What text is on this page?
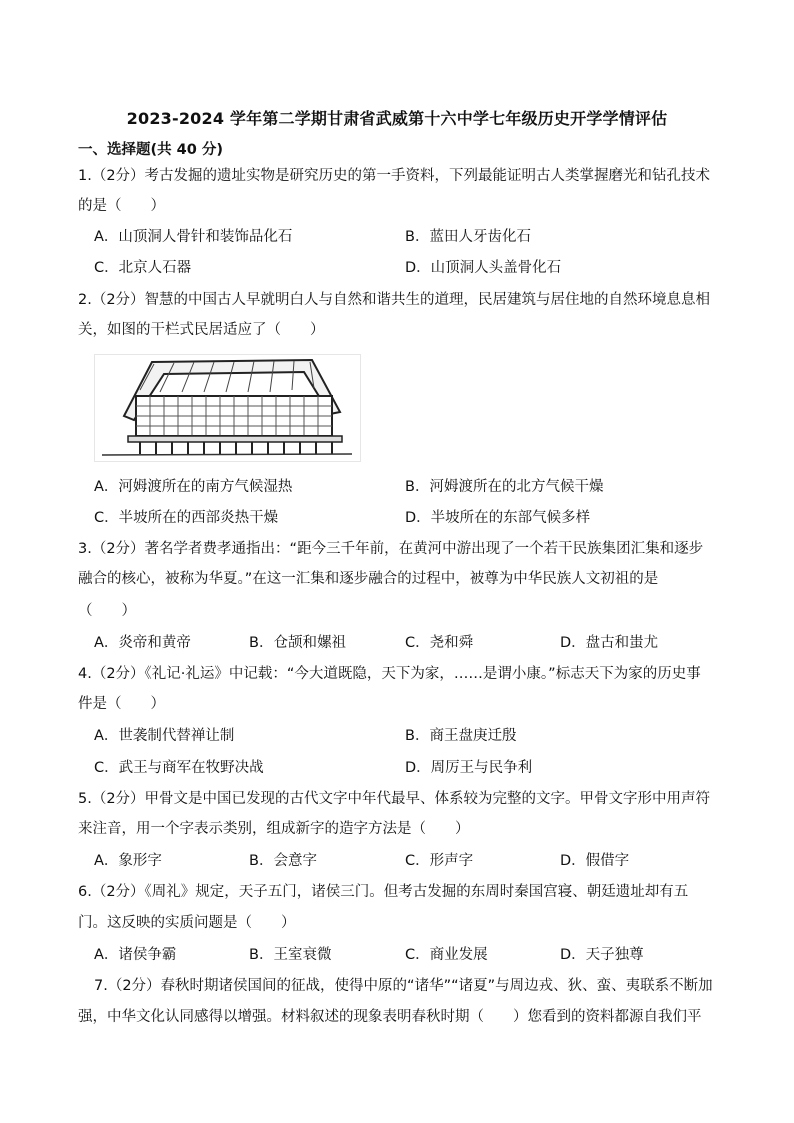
2023-2024 学年第二学期甘肃省武威第十六中学七年级历史开学学情评估
一、选择题(共 40 分)
1.（2分）考古发掘的遗址实物是研究历史的第一手资料，下列最能证明古人类掌握磨光和钻孔技术
的是（　　）
A．山顶洞人骨针和装饰品化石	B．蓝田人牙齿化石
C．北京人石器	D．山顶洞人头盖骨化石
2.（2分）智慧的中国古人早就明白人与自然和谐共生的道理，民居建筑与居住地的自然环境息息相
关，如图的干栏式民居适应了（　　）
A．河姆渡所在的南方气候湿热	B．河姆渡所在的北方气候干燥
C．半坡所在的西部炎热干燥	D．半坡所在的东部气候多样
3.（2分）著名学者费孝通指出：“距今三千年前，在黄河中游出现了一个若干民族集团汇集和逐步
融合的核心，被称为华夏。”在这一汇集和逐步融合的过程中，被尊为中华民族人文初祖的是
（　　）
A．炎帝和黄帝	B．仓颉和嫘祖	C．尧和舜	D．盘古和蚩尤
4.（2分）《礼记·礼运》中记载：“今大道既隐，天下为家，……是谓小康。”标志天下为家的历史事
件是（　　）
A．世袭制代替禅让制	B．商王盘庚迁殷
C．武王与商军在牧野决战	D．周厉王与民争利
5.（2分）甲骨文是中国已发现的古代文字中年代最早、体系较为完整的文字。甲骨文字形中用声符
来注音，用一个字表示类别，组成新字的造字方法是（　　）
A．象形字	B．会意字	C．形声字	D．假借字
6.（2分）《周礼》规定，天子五门，诸侯三门。但考古发掘的东周时秦国宫寝、朝廷遗址却有五
门。这反映的实质问题是（　　）
A．诸侯争霸	B．王室衰微	C．商业发展	D．天子独尊
7.（2分）春秋时期诸侯国间的征战，使得中原的“诸华”“诸夏”与周边戎、狄、蛮、夷联系不断加
强，中华文化认同感得以增强。材料叙述的现象表明春秋时期（　　）您看到的资料都源自我们平
